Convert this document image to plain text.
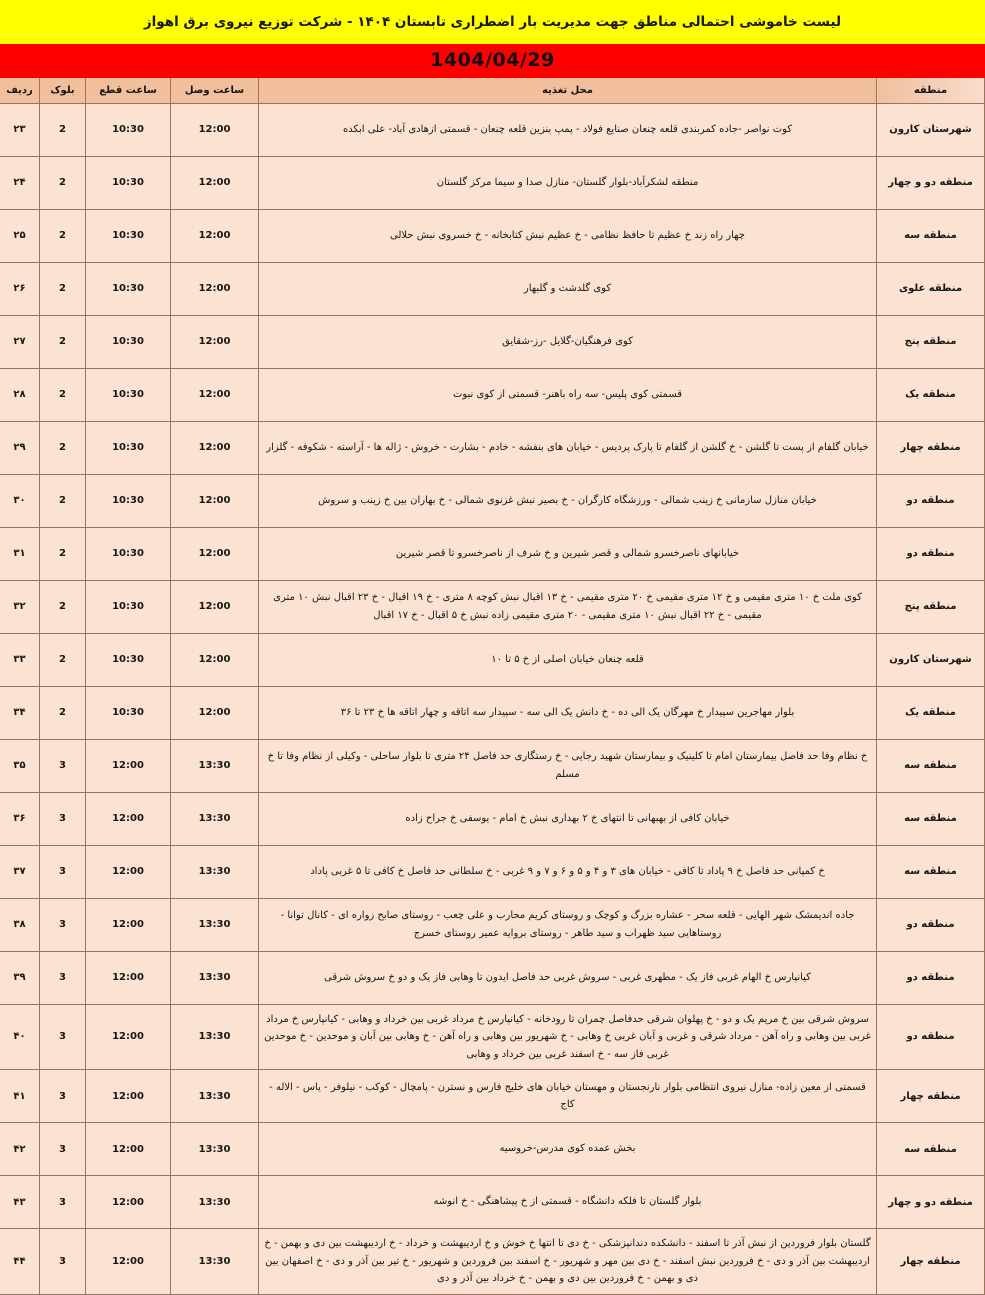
لیست خاموشی احتمالی مناطق جهت مدیریت بار اضطراری تابستان ۱۴۰۴ - شرکت توزیع نیروی برق اهواز
1404/04/29
منطقه	محل تغذیه	ساعت وصل	ساعت قطع	بلوک	ردیف
شهرستان کارون	کوت نواصر -جاده کمربندی قلعه چنعان صنایع فولاد - پمپ بنزین قلعه چنعان - قسمتی ازهادی آباد- علی ابکده	12:00	10:30	2	۲۳
منطقه دو و چهار	منطقه لشکرآباد-بلوار گلستان- منازل صدا و سیما مرکز گلستان	12:00	10:30	2	۲۴
منطقه سه	چهار راه زند خ عظیم تا حافظ نظامی - خ عظیم نبش کتابخانه - خ خسروی نبش حلالی	12:00	10:30	2	۲۵
منطقه علوی	کوی گلدشت و گلبهار	12:00	10:30	2	۲۶
منطقه پنج	کوی فرهنگیان-گلایل -رز-شقایق	12:00	10:30	2	۲۷
منطقه یک	قسمتی کوی پلیس- سه راه باهنر- قسمتی از کوی نبوت	12:00	10:30	2	۲۸
منطقه چهار	خیابان گلفام از پست تا گلشن - خ گلشن از گلفام تا پارک پردیس - خیابان های بنفشه - خادم - بشارت - خروش - ژاله ها - آراسته - شکوفه - گلزار	12:00	10:30	2	۲۹
منطقه دو	خیابان منازل سازمانی خ زینب شمالی - ورزشگاه کارگران - خ بصیر نبش غزنوی شمالی - خ بهاران بین خ زینب و سروش	12:00	10:30	2	۳۰
منطقه دو	خیابانهای ناصرخسرو شمالی و قصر شیرین و خ شرف از ناصرخسرو تا قصر شیرین	12:00	10:30	2	۳۱
منطقه پنج	کوی ملت خ ۱۰ متری مقیمی و خ ۱۲ متری مقیمی خ ۲۰ متری مقیمی - خ ۱۳ اقبال نبش کوچه ۸ متری - خ ۱۹ اقبال - خ ۲۳ اقبال نبش ۱۰ متری مقیمی - خ ۲۲ اقبال نبش ۱۰ متری مقیمی - ۲۰ متری مقیمی زاده نبش خ ۵ اقبال - خ ۱۷ اقبال	12:00	10:30	2	۳۲
شهرستان کارون	قلعه چنعان خیابان اصلی از خ ۵ تا ۱۰	12:00	10:30	2	۳۳
منطقه یک	بلوار مهاجرین سپیدار خ مهرگان یک الی ده - خ دانش یک الی سه - سپیدار سه اتاقه و چهار اتاقه ها خ ۲۳ تا ۳۶	12:00	10:30	2	۳۴
منطقه سه	خ نظام وفا حد فاصل بیمارستان امام تا کلینیک و بیمارستان شهید رجایی - خ رستگاری حد فاصل ۲۴ متری تا بلوار ساحلی - وکیلی از نظام وفا تا خ مسلم	13:30	12:00	3	۳۵
منطقه سه	خیابان کافی از بهبهانی تا انتهای خ ۲ بهداری نبش خ امام - یوسفی خ جراح زاده	13:30	12:00	3	۳۶
منطقه سه	خ کمپانی حد فاصل خ ۹ پاداد تا کافی - خیابان های ۳ و ۴ و ۵ و ۶ و ۷ و ۹ غربی - خ سلطانی حد فاصل خ کافی تا ۵ غربی پاداد	13:30	12:00	3	۳۷
منطقه دو	جاده اندیمشک شهر الهایی - قلعه سحر - عشاره بزرگ و کوچک و روستای کریم محارب و علی چعب - روستای صابح زواره ای - کانال توانا - روستاهایی سید ظهراب و سید طاهر - روستای بروایه عمیر روستای خسرج	13:30	12:00	3	۳۸
منطقه دو	کیانپارس خ الهام غربی فاز یک - مطهری غربی - سروش غربی حد فاصل ایدون تا وهابی فاز یک و دو خ سروش شرقی	13:30	12:00	3	۳۹
منطقه دو	سروش شرقی بین خ مریم یک و دو - خ پهلوان شرقی حدفاصل چمران تا رودخانه - کیانپارس خ مرداد غربی بین خرداد و وهابی - کیانپارس خ مرداد غربی بین وهابی و راه آهن - مرداد شرقی و غربی و آبان غربی خ وهابی - خ شهریور بین وهابی و راه آهن - خ وهابی بین آبان و موحدین - خ موحدین غربی فاز سه - خ اسفند غربی بین خرداد و وهابی	13:30	12:00	3	۴۰
منطقه چهار	قسمتی از معین زاده- منازل نیروی انتظامی بلوار نارنجستان و مهستان خیابان های خلیج فارس و نسترن - پامچال - کوکب - نیلوفر - یاس - الاله - کاج	13:30	12:00	3	۴۱
منطقه سه	بخش عمده کوی مدرس-خروسیه	13:30	12:00	3	۴۲
منطقه دو و چهار	بلوار گلستان تا فلکه دانشگاه - قسمتی از خ پیشاهنگی - خ انوشه	13:30	12:00	3	۴۳
منطقه چهار	گلستان بلوار فروردین از نبش آذر تا اسفند - دانشکده دندانپزشکی - خ دی تا انتها خ خوش و خ اردیبهشت و خرداد - خ اردیبهشت بین دی و بهمن - خ اردیبهشت بین آذر و دی - خ فروردین نبش اسفند - خ دی بین مهر و شهریور - خ اسفند بین فروردین و شهریور - خ تیر بین آذر و دی - خ اصفهان بین دی و بهمن - خ فروردین بین دی و بهمن - خ خرداد بین آذر و دی	13:30	12:00	3	۴۴
